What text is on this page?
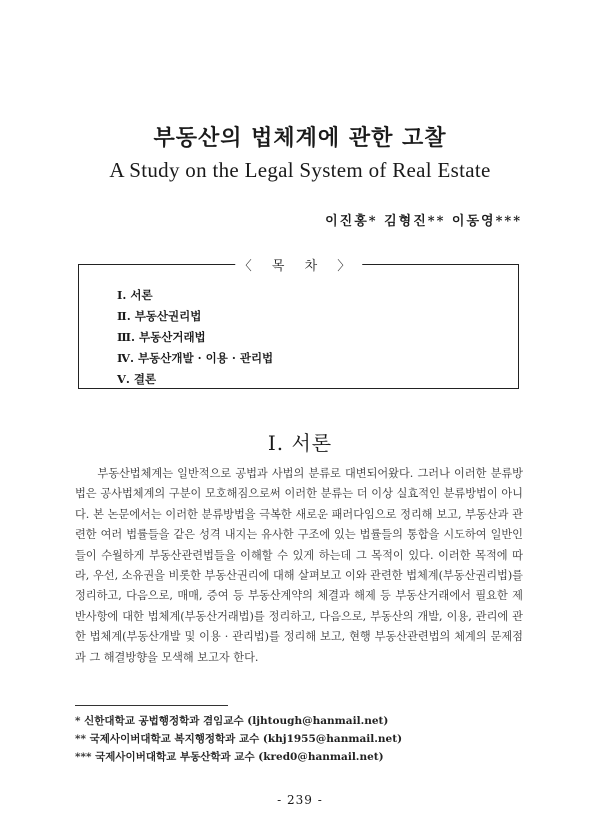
부동산의 법체계에 관한 고찰
A Study on the Legal System of Real Estate
이진홍* 김형진** 이동영***
〈 목 차 〉
Ⅰ. 서론
Ⅱ. 부동산권리법
Ⅲ. 부동산거래법
Ⅳ. 부동산개발 · 이용 · 관리법
Ⅴ. 결론
Ⅰ. 서론

부동산법체계는 일반적으로 공법과 사법의 분류로 대변되어왔다. 그러나 이러한 분류방법은 공사법체계의 구분이 모호해짐으로써 이러한 분류는 더 이상 실효적인 분류방법이 아니다. 본 논문에서는 이러한 분류방법을 극복한 새로운 패러다임으로 정리해 보고, 부동산과 관련한 여러 법률들을 같은 성격 내지는 유사한 구조에 있는 법률들의 통합을 시도하여 일반인들이 수월하게 부동산관련법들을 이해할 수 있게 하는데 그 목적이 있다. 이러한 목적에 따라, 우선, 소유권을 비롯한 부동산권리에 대해 살펴보고 이와 관련한 법체계(부동산권리법)를 정리하고, 다음으로, 매매, 증여 등 부동산계약의 체결과 해제 등 부동산거래에서 필요한 제반사항에 대한 법체계(부동산거래법)를 정리하고, 다음으로, 부동산의 개발, 이용, 관리에 관한 법체계(부동산개발 및 이용 · 관리법)를 정리해 보고, 현행 부동산관련법의 체계의 문제점과 그 해결방향을 모색해 보고자 한다.

* 신한대학교 공법행정학과 겸임교수 (ljhtough@hanmail.net)
** 국제사이버대학교 복지행정학과 교수 (khj1955@hanmail.net)
*** 국제사이버대학교 부동산학과 교수 (kred0@hanmail.net)
- 239 -
